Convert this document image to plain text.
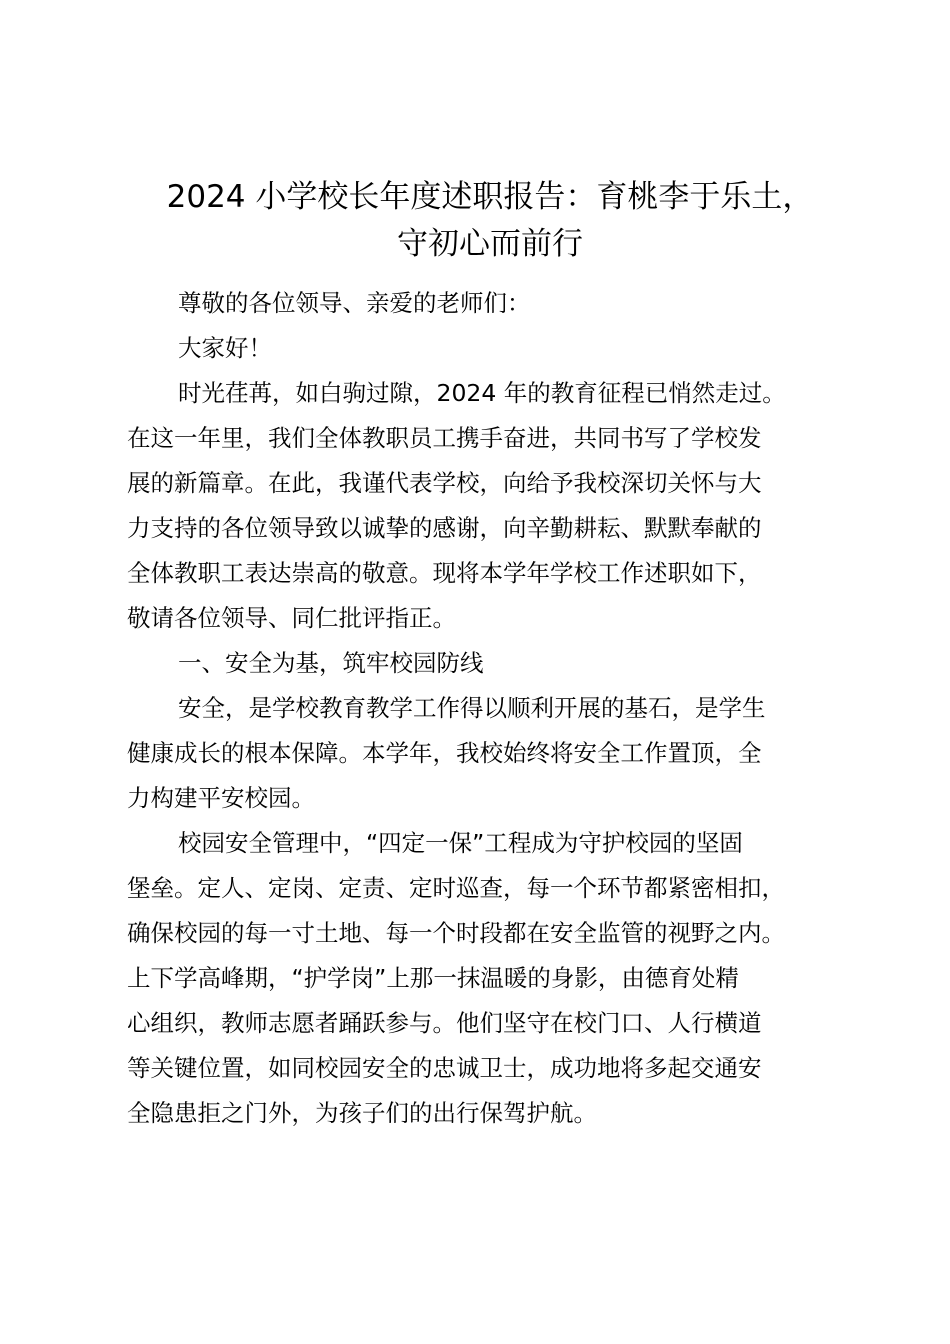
2024 小学校长年度述职报告：育桃李于乐土，
守初心而前行

尊敬的各位领导、亲爱的老师们：

大家好！

时光荏苒，如白驹过隙，2024 年的教育征程已悄然走过。
在这一年里，我们全体教职员工携手奋进，共同书写了学校发
展的新篇章。在此，我谨代表学校，向给予我校深切关怀与大
力支持的各位领导致以诚挚的感谢，向辛勤耕耘、默默奉献的
全体教职工表达崇高的敬意。现将本学年学校工作述职如下，
敬请各位领导、同仁批评指正。

一、安全为基，筑牢校园防线

安全，是学校教育教学工作得以顺利开展的基石，是学生
健康成长的根本保障。本学年，我校始终将安全工作置顶，全
力构建平安校园。

校园安全管理中，“四定一保”工程成为守护校园的坚固
堡垒。定人、定岗、定责、定时巡查，每一个环节都紧密相扣，
确保校园的每一寸土地、每一个时段都在安全监管的视野之内。
上下学高峰期，“护学岗”上那一抹温暖的身影，由德育处精
心组织，教师志愿者踊跃参与。他们坚守在校门口、人行横道
等关键位置，如同校园安全的忠诚卫士，成功地将多起交通安
全隐患拒之门外，为孩子们的出行保驾护航。
